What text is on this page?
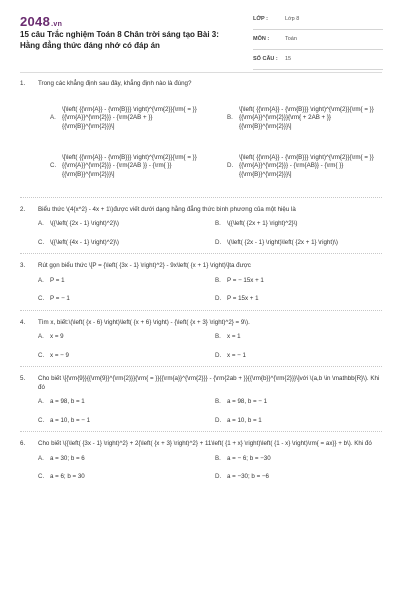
2048.vn
15 câu Trắc nghiệm Toán 8 Chân trời sáng tạo Bài 3: Hằng đẳng thức đáng nhớ có đáp án
LỚP :	Lớp 8
MÔN :	Toán
SỐ CÂU : 15
1. Trong các khẳng định sau đây, khẳng định nào là đúng?
A.
\[\left( {{\rm{A}} - {\rm{B}}} \right)^{\rm{2}}{\rm{ = }} {{\rm{A}}^{\rm{2}}} - {\rm{2AB + }} {{\rm{B}}^{\rm{2}}}\]
B.
\[\left( {{\rm{A}} - {\rm{B}}} \right)^{\rm{2}}{\rm{ = }} {{\rm{A}}^{\rm{2}}}{\rm{ + 2AB + }} {{\rm{B}}^{\rm{2}}}\]
C.
\[\left( {{\rm{A}} - {\rm{B}}} \right)^{\rm{2}}{\rm{ = }} {{\rm{A}}^{\rm{2}}} - {\rm{2AB }} - {\rm{ }} {{\rm{B}}^{\rm{2}}}\]
D.
\[\left( {{\rm{A}} - {\rm{B}}} \right)^{\rm{2}}{\rm{ = }} {{\rm{A}}^{\rm{2}}} - {\rm{AB}} - {\rm{ }} {{\rm{B}}^{\rm{2}}}\]
2. Biểu thức \(4{x^2} - 4x + 1\)được viết dưới dạng hằng đẳng thức bình phương của một hiệu là
A. \({\left( {2x - 1} \right)^2}\)	B. \({\left( {2x + 1} \right)^2}\)
C. \({\left( {4x - 1} \right)^2}\)	D. \(\left( {2x - 1} \right)\left( {2x + 1} \right)\)
3. Rút gọn biểu thức \[P = {\left( {3x - 1} \right)^2} - 9x\left( {x + 1} \right)\]ta được
A. P = 1	B. P = − 15x + 1
C. P = − 1	D. P = 15x + 1
4. Tìm x, biết:\(\left( {x - 6} \right)\left( {x + 6} \right) - {\left( {x + 3} \right)^2} = 9\).
A. x = 9	B. x = 1
C. x = − 9	D. x = − 1
5. Cho biết \[{\rm{9}}{{\rm{9}}^{\rm{2}}}{\rm{ = }}{{\rm{a}}^{\rm{2}}} - {\rm{2ab + }}{{\rm{b}}^{\rm{2}}}\]với \(a,b \in \mathbb{R}\). Khi đó
A. a = 98, b = 1	B. a = 98, b = − 1
C. a = 10, b = − 1	D. a = 10, b = 1
6. Cho biết \({\left( {3x - 1} \right)^2} + 2{\left( {x + 3} \right)^2} + 11\left( {1 + x} \right)\left( {1 - x} \right)\rm{ = ax}} + b\). Khi đó
A. a = 30; b = 6	B. a = − 6; b = −30
C. a = 6; b = 30	D. a = −30; b = −6
